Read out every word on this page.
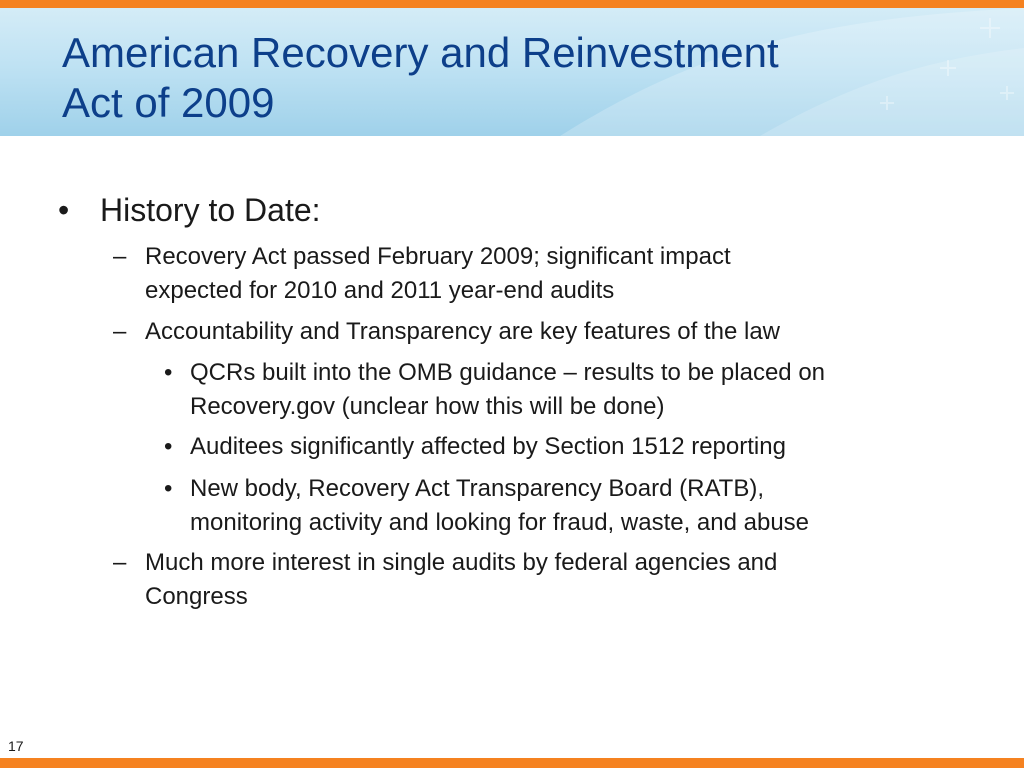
American Recovery and Reinvestment
Act of 2009
• History to Date:
– Recovery Act passed February 2009; significant impact
expected for 2010 and 2011 year-end audits
– Accountability and Transparency are key features of the law
• QCRs built into the OMB guidance – results to be placed on
Recovery.gov (unclear how this will be done)
• Auditees significantly affected by Section 1512 reporting
• New body, Recovery Act Transparency Board (RATB),
monitoring activity and looking for fraud, waste, and abuse
– Much more interest in single audits by federal agencies and
Congress
17
